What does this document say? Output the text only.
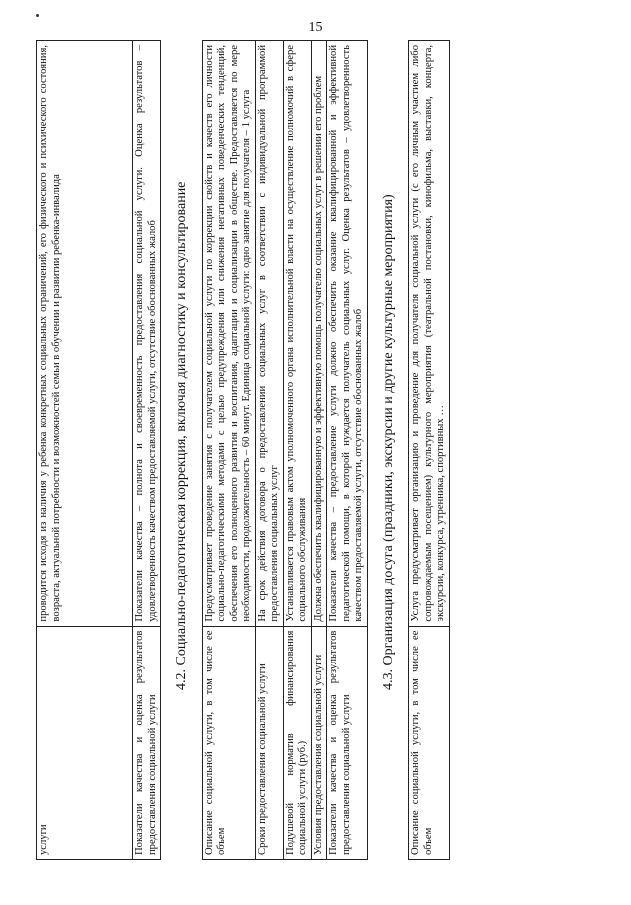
15
услуги	проводится исходя из наличия у ребенка конкретных социальных ограничений, его физического и психического состояния, возраста, актуальной потребности и возможностей семьи в обучении и развитии ребенка-инвалида
Показатели качества и оценка результатов предоставления социальной услуги	Показатели качества – полнота и своевременность предоставления социальной услуги. Оценка результатов – удовлетворенность качеством предоставляемой услуги, отсутствие обоснованных жалоб 4.2. Социально-педагогическая коррекция, включая диагностику и консультирование
Описание социальной услуги, в том числе ее объем	Предусматривает проведение занятия с получателем социальной услуги по коррекции свойств и качеств его личности социально-педагогическими методами с целью предупреждения или снижения негативных поведенческих тенденций, обеспечения его полноценного развития и воспитания, адаптации и социализации в обществе. Предоставляется по мере необходимости, продолжительность – 60 минут. Единица социальной услуги: одно занятие для получателя – 1 услуга
Сроки предоставления социальной услуги	На срок действия договора о предоставлении социальных услуг в соответствии с индивидуальной программой предоставления социальных услуг
Подушевой норматив финансирования социальной услуги (руб.)	Устанавливается правовым актом уполномоченного органа исполнительной власти на осуществление полномочий в сфере социального обслуживания
Условия предоставления социальной услуги	Должна обеспечить квалифицированную и эффективную помощь получателю социальных услуг в решении его проблем
Показатели качества и оценка результатов предоставления социальной услуги	Показатели качества – предоставление услуги должно обеспечить оказание квалифицированной и эффективной педагогической помощи, в которой нуждается получатель социальных услуг. Оценка результатов – удовлетворенность качеством предоставляемой услуги, отсутствие обоснованных жалоб 4.3. Организация досуга (праздники, экскурсии и другие культурные мероприятия)
Описание социальной услуги, в том числе ее объем	Услуга предусматривает организацию и проведение для получателя социальной услуги (с его личным участием либо сопровождаемым посещением) культурного мероприятия (театральной постановки, кинофильма, выставки, концерта, экскурсии, конкурса, утренника, спортивных …
